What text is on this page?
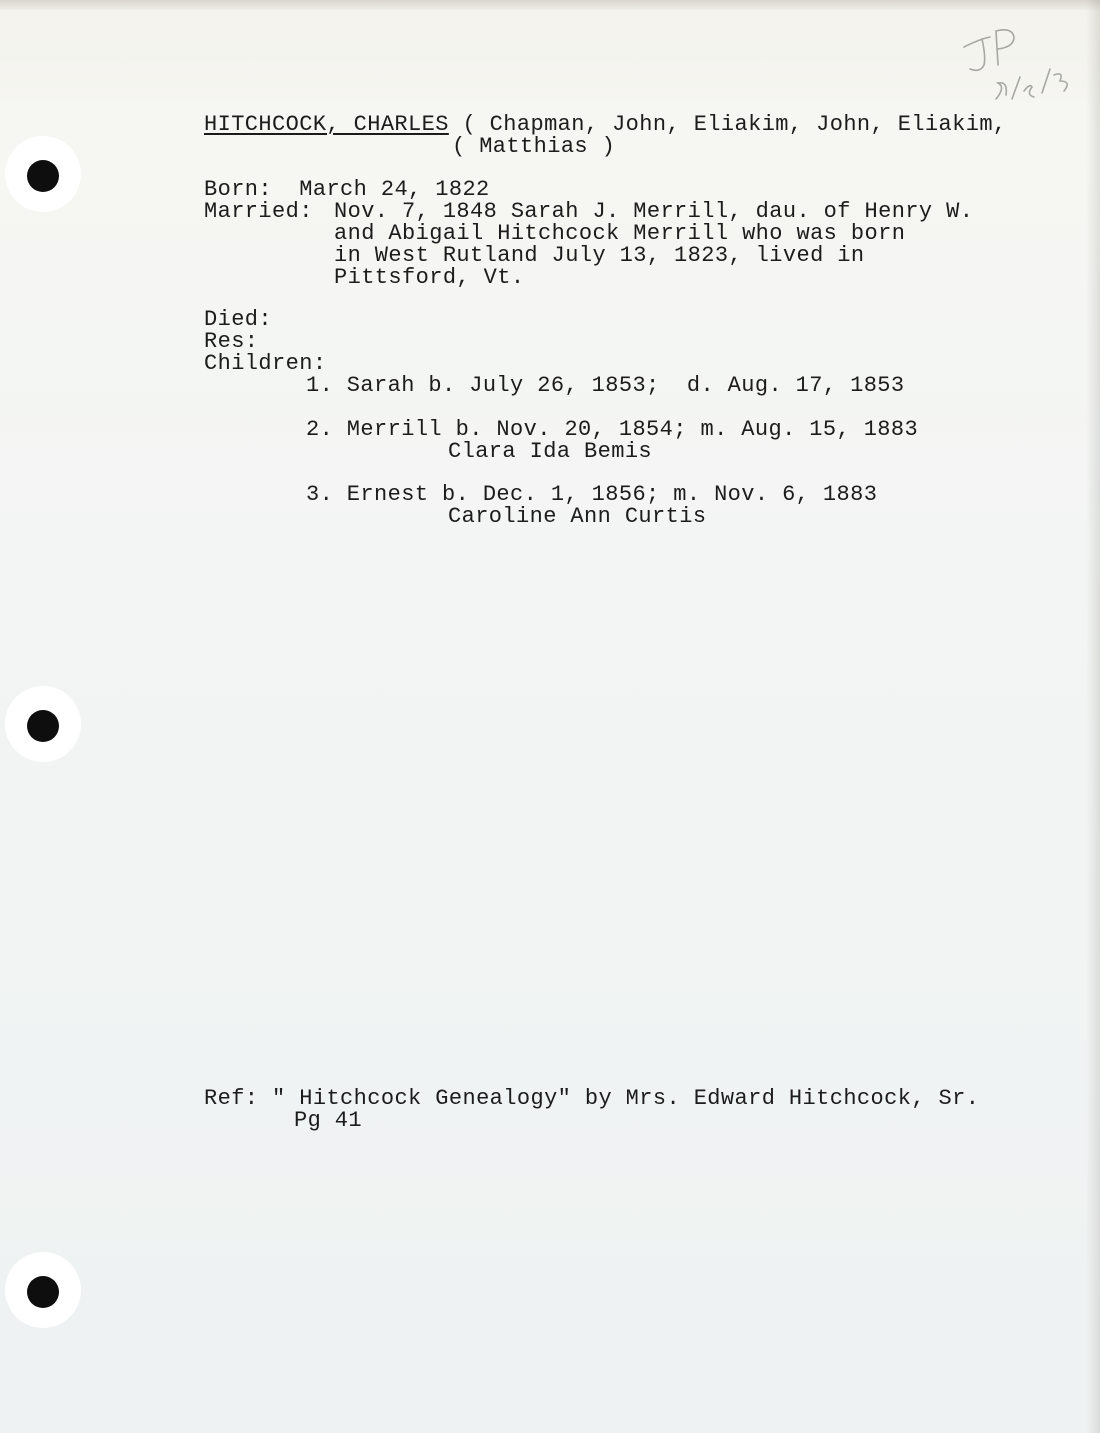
HITCHCOCK, CHARLES ( Chapman, John, Eliakim, John, Eliakim,

( Matthias )

Born: March 24, 1822

Married: Nov. 7, 1848 Sarah J. Merrill, dau. of Henry W.

and Abigail Hitchcock Merrill who was born

in West Rutland July 13, 1823, lived in

Pittsford, Vt.

Died:

Res:

Children:

1. Sarah b. July 26, 1853;  d. Aug. 17, 1853

2. Merrill b. Nov. 20, 1854; m. Aug. 15, 1883

Clara Ida Bemis

3. Ernest b. Dec. 1, 1856; m. Nov. 6, 1883

Caroline Ann Curtis

Ref: " Hitchcock Genealogy" by Mrs. Edward Hitchcock, Sr.

Pg 41
